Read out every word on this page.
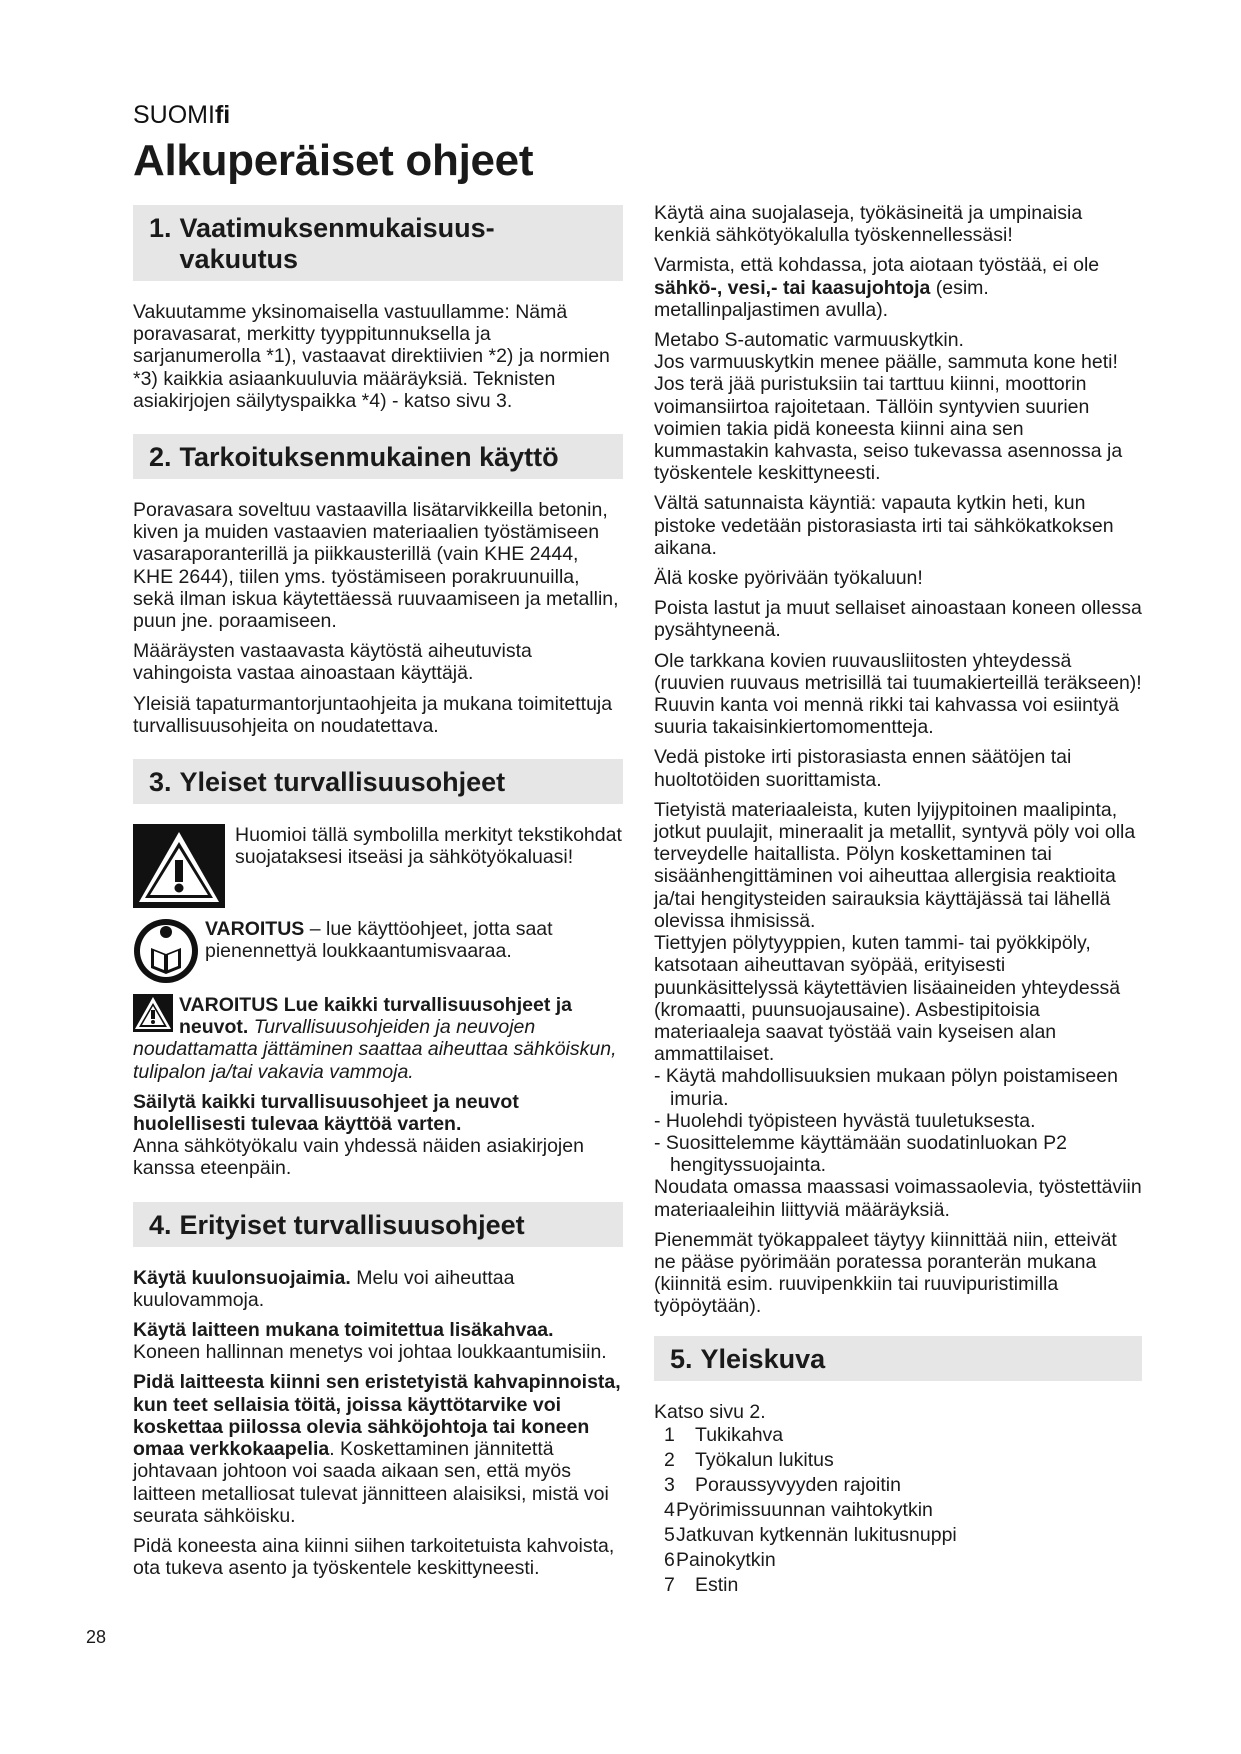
SUOMIfi
Alkuperäiset ohjeet
1. Vaatimuksenmukaisuus-
vakuutus

Vakuutamme yksinomaisella vastuullamme: Nämä poravasarat, merkitty tyyppitunnuksella ja sarjanumerolla *1), vastaavat direktiivien *2) ja normien *3) kaikkia asiaankuuluvia määräyksiä. Teknisten asiakirjojen säilytyspaikka *4) - katso sivu 3.

2. Tarkoituksenmukainen käyttö

Poravasara soveltuu vastaavilla lisätarvikkeilla betonin, kiven ja muiden vastaavien materiaalien työstämiseen vasaraporanterillä ja piikkausterillä (vain KHE 2444, KHE 2644), tiilen yms. työstämiseen porakruunuilla, sekä ilman iskua käytettäessä ruuvaamiseen ja metallin, puun jne. poraamiseen.

Määräysten vastaavasta käytöstä aiheutuvista vahingoista vastaa ainoastaan käyttäjä.

Yleisiä tapaturmantorjuntaohjeita ja mukana toimitettuja turvallisuusohjeita on noudatettava.

3. Yleiset turvallisuusohjeet
Huomioi tällä symbolilla merkityt tekstikohdat suojataksesi itseäsi ja sähkötyökaluasi!
VAROITUS – lue käyttöohjeet, jotta saat pienennettyä loukkaantumisvaaraa.

VAROITUS Lue kaikki turvallisuusohjeet ja neuvot. Turvallisuusohjeiden ja neuvojen noudattamatta jättäminen saattaa aiheuttaa sähköiskun, tulipalon ja/tai vakavia vammoja.

Säilytä kaikki turvallisuusohjeet ja neuvot huolellisesti tulevaa käyttöä varten.

Anna sähkötyökalu vain yhdessä näiden asiakirjojen kanssa eteenpäin.

4. Erityiset turvallisuusohjeet

Käytä kuulonsuojaimia. Melu voi aiheuttaa kuulovammoja.

Käytä laitteen mukana toimitettua lisäkahvaa. Koneen hallinnan menetys voi johtaa loukkaantumisiin.

Pidä laitteesta kiinni sen eristetyistä kahvapinnoista, kun teet sellaisia töitä, joissa käyttötarvike voi koskettaa piilossa olevia sähköjohtoja tai koneen omaa verkkokaapelia. Koskettaminen jännitettä johtavaan johtoon voi saada aikaan sen, että myös laitteen metalliosat tulevat jännitteen alaisiksi, mistä voi seurata sähköisku.

Pidä koneesta aina kiinni siihen tarkoitetuista kahvoista, ota tukeva asento ja työskentele keskittyneesti.

Käytä aina suojalaseja, työkäsineitä ja umpinaisia kenkiä sähkötyökalulla työskennellessäsi!

Varmista, että kohdassa, jota aiotaan työstää, ei ole sähkö-, vesi,- tai kaasujohtoja (esim. metallinpaljastimen avulla).

Metabo S-automatic varmuuskytkin.

Jos varmuuskytkin menee päälle, sammuta kone heti! Jos terä jää puristuksiin tai tarttuu kiinni, moottorin voimansiirtoa rajoitetaan. Tällöin syntyvien suurien voimien takia pidä koneesta kiinni aina sen kummastakin kahvasta, seiso tukevassa asennossa ja työskentele keskittyneesti.

Vältä satunnaista käyntiä: vapauta kytkin heti, kun pistoke vedetään pistorasiasta irti tai sähkökatkoksen aikana.

Älä koske pyörivään työkaluun!

Poista lastut ja muut sellaiset ainoastaan koneen ollessa pysähtyneenä.

Ole tarkkana kovien ruuvausliitosten yhteydessä (ruuvien ruuvaus metrisillä tai tuumakierteillä teräkseen)! Ruuvin kanta voi mennä rikki tai kahvassa voi esiintyä suuria takaisinkiertomomentteja.

Vedä pistoke irti pistorasiasta ennen säätöjen tai huoltotöiden suorittamista.

Tietyistä materiaaleista, kuten lyijypitoinen maalipinta, jotkut puulajit, mineraalit ja metallit, syntyvä pöly voi olla terveydelle haitallista. Pölyn koskettaminen tai sisäänhengittäminen voi aiheuttaa allergisia reaktioita ja/tai hengitysteiden sairauksia käyttäjässä tai lähellä olevissa ihmisissä.

Tiettyjen pölytyyppien, kuten tammi- tai pyökkipöly, katsotaan aiheuttavan syöpää, erityisesti puunkäsittelyssä käytettävien lisäaineiden yhteydessä (kromaatti, puunsuojausaine). Asbestipitoisia materiaaleja saavat työstää vain kyseisen alan ammattilaiset.

- Käytä mahdollisuuksien mukaan pölyn poistamiseen imuria.
- Huolehdi työpisteen hyvästä tuuletuksesta.
- Suosittelemme käyttämään suodatinluokan P2 hengityssuojainta.

Noudata omassa maassasi voimassaolevia, työstettäviin materiaaleihin liittyviä määräyksiä.

Pienemmät työkappaleet täytyy kiinnittää niin, etteivät ne pääse pyörimään poratessa poranterän mukana (kiinnitä esim. ruuvipenkkiin tai ruuvipuristimilla työpöytään).

5. Yleiskuva

Katso sivu 2.

1	Tukikahva
2	Työkalun lukitus
3	Poraussyvyyden rajoitin
4 Pyörimissuunnan vaihtokytkin
5 Jatkuvan kytkennän lukitusnuppi
6 Painokytkin
7	Estin
28
